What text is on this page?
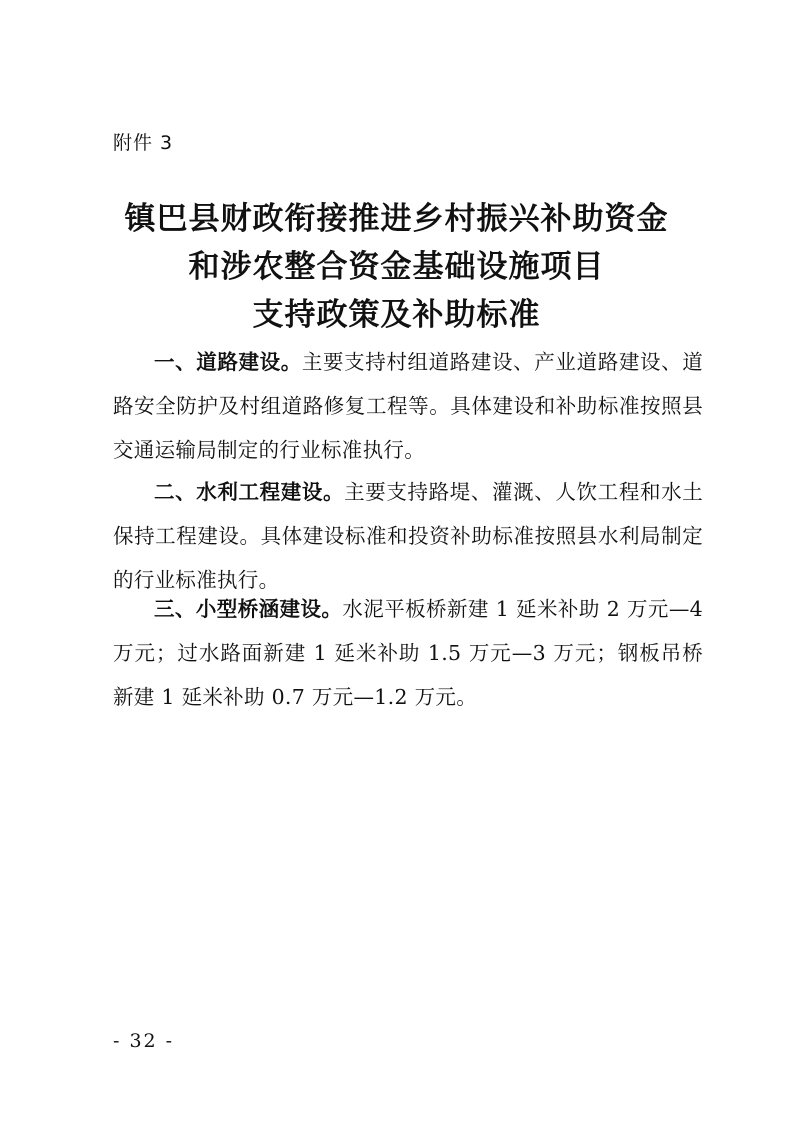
附件 3
镇巴县财政衔接推进乡村振兴补助资金
和涉农整合资金基础设施项目
支持政策及补助标准

一、道路建设。主要支持村组道路建设、产业道路建设、道路安全防护及村组道路修复工程等。具体建设和补助标准按照县交通运输局制定的行业标准执行。

二、水利工程建设。主要支持路堤、灌溉、人饮工程和水土保持工程建设。具体建设标准和投资补助标准按照县水利局制定的行业标准执行。

三、小型桥涵建设。水泥平板桥新建 1 延米补助 2 万元—4 万元；过水路面新建 1 延米补助 1.5 万元—3 万元；钢板吊桥新建 1 延米补助 0.7 万元—1.2 万元。

- 32 -
